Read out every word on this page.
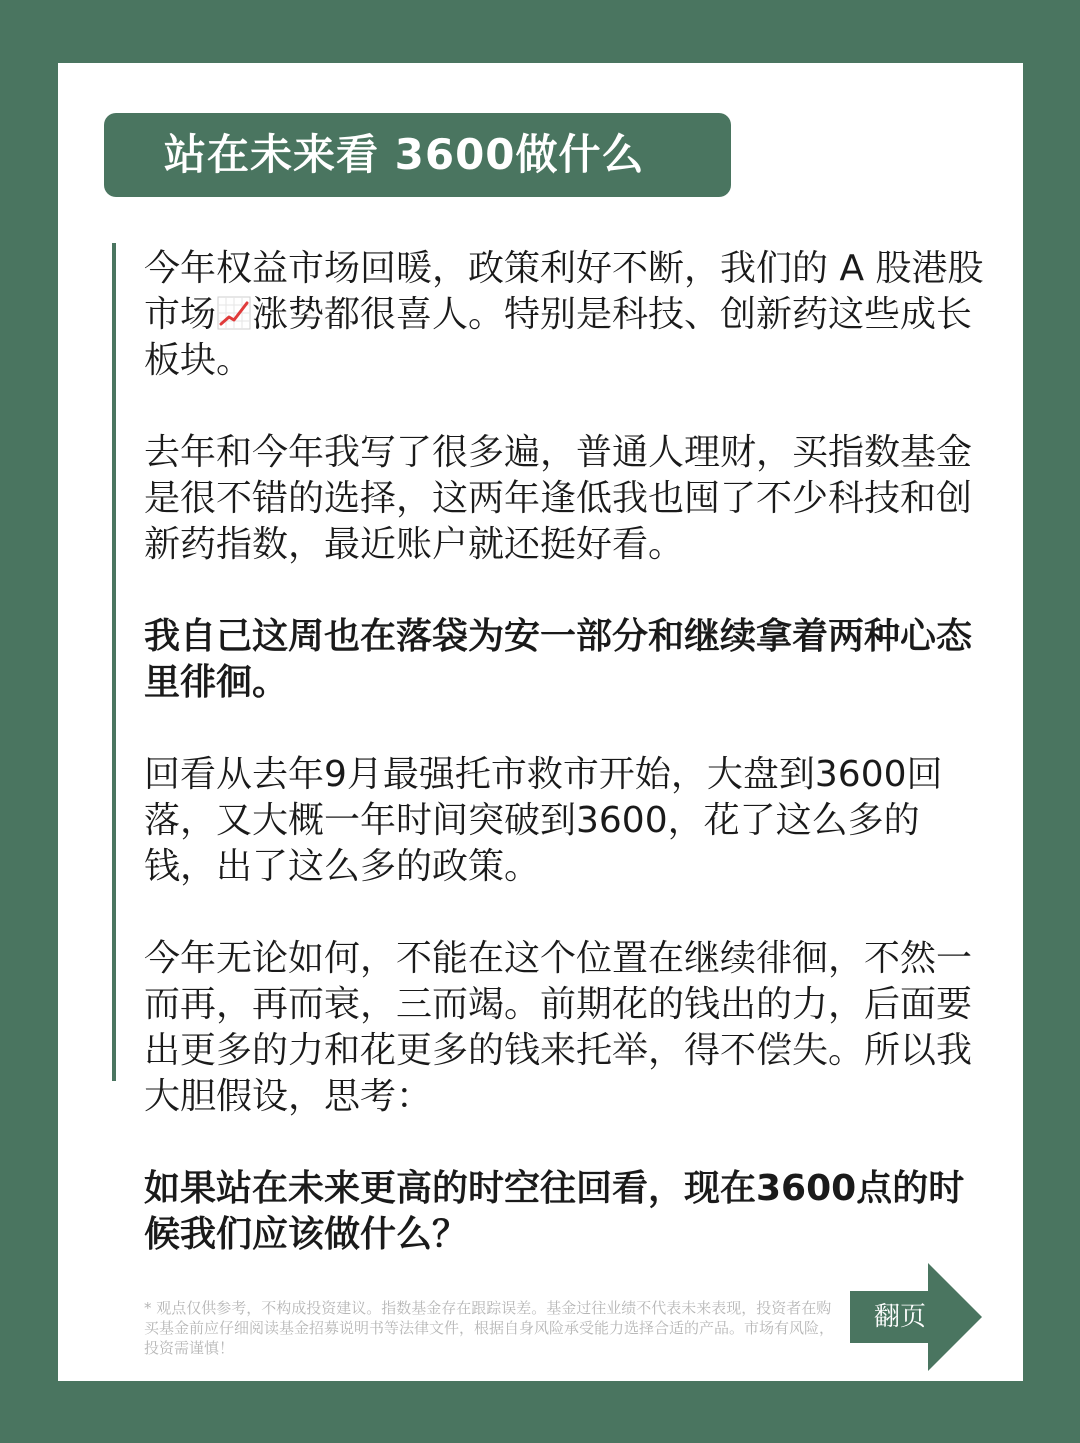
站在未来看 3600做什么

今年权益市场回暖，政策利好不断，我们的 A 股港股市场 涨势都很喜人。特别是科技、创新药这些成长板块。

去年和今年我写了很多遍，普通人理财，买指数基金是很不错的选择，这两年逢低我也囤了不少科技和创新药指数，最近账户就还挺好看。

我自己这周也在落袋为安一部分和继续拿着两种心态里徘徊。

回看从去年9月最强托市救市开始，大盘到3600回落，又大概一年时间突破到3600，花了这么多的钱，出了这么多的政策。

今年无论如何，不能在这个位置在继续徘徊，不然一而再，再而衰，三而竭。前期花的钱出的力，后面要出更多的力和花更多的钱来托举，得不偿失。所以我大胆假设，思考：

如果站在未来更高的时空往回看，现在3600点的时候我们应该做什么？

* 观点仅供参考，不构成投资建议。指数基金存在跟踪误差。基金过往业绩不代表未来表现，投资者在购买基金前应仔细阅读基金招募说明书等法律文件，根据自身风险承受能力选择合适的产品。市场有风险，投资需谨慎！
翻页
